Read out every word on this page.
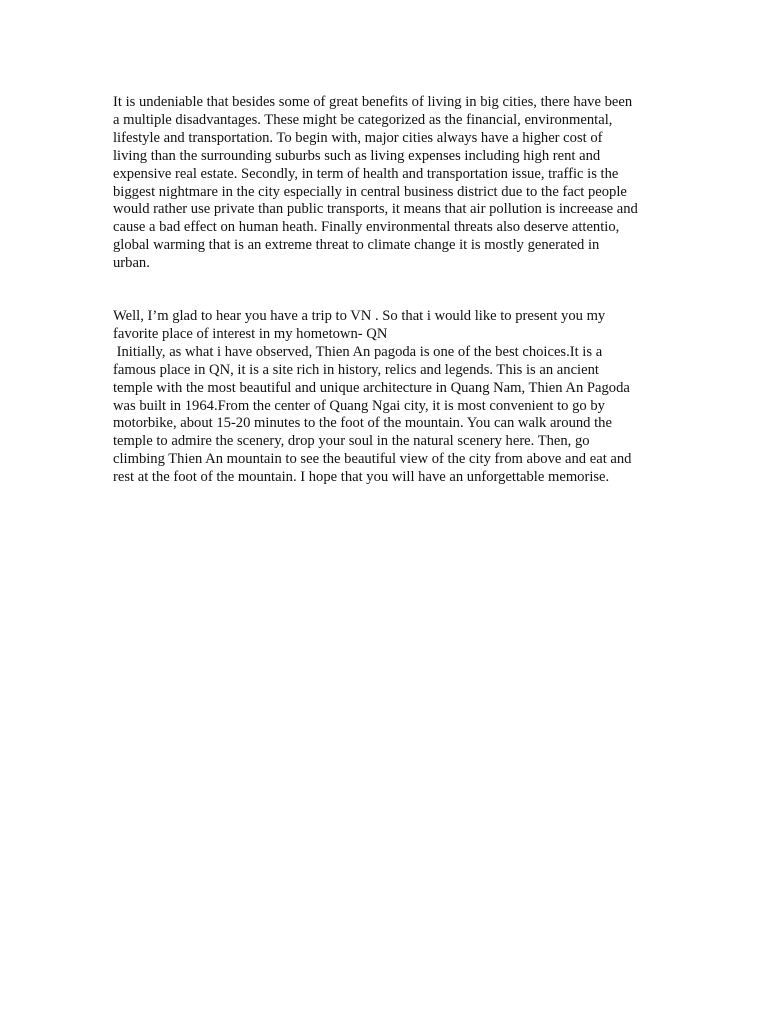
It is undeniable that besides some of great benefits of living in big cities, there have been
a multiple disadvantages. These might be categorized as the financial, environmental,
lifestyle and transportation. To begin with, major cities always have a higher cost of
living than the surrounding suburbs such as living expenses including high rent and
expensive real estate. Secondly, in term of health and transportation issue, traffic is the
biggest nightmare in the city especially in central business district due to the fact people
would rather use private than public transports, it means that air pollution is increease and
cause a bad effect on human heath. Finally environmental threats also deserve attentio,
global warming that is an extreme threat to climate change it is mostly generated in
urban.

Well, I’m glad to hear you have a trip to VN . So that i would like to present you my
favorite place of interest in my hometown- QN
Initially, as what i have observed, Thien An pagoda is one of the best choices.It is a
famous place in QN, it is a site rich in history, relics and legends. This is an ancient
temple with the most beautiful and unique architecture in Quang Nam, Thien An Pagoda
was built in 1964.From the center of Quang Ngai city, it is most convenient to go by
motorbike, about 15-20 minutes to the foot of the mountain. You can walk around the
temple to admire the scenery, drop your soul in the natural scenery here. Then, go
climbing Thien An mountain to see the beautiful view of the city from above and eat and
rest at the foot of the mountain. I hope that you will have an unforgettable memorise.
